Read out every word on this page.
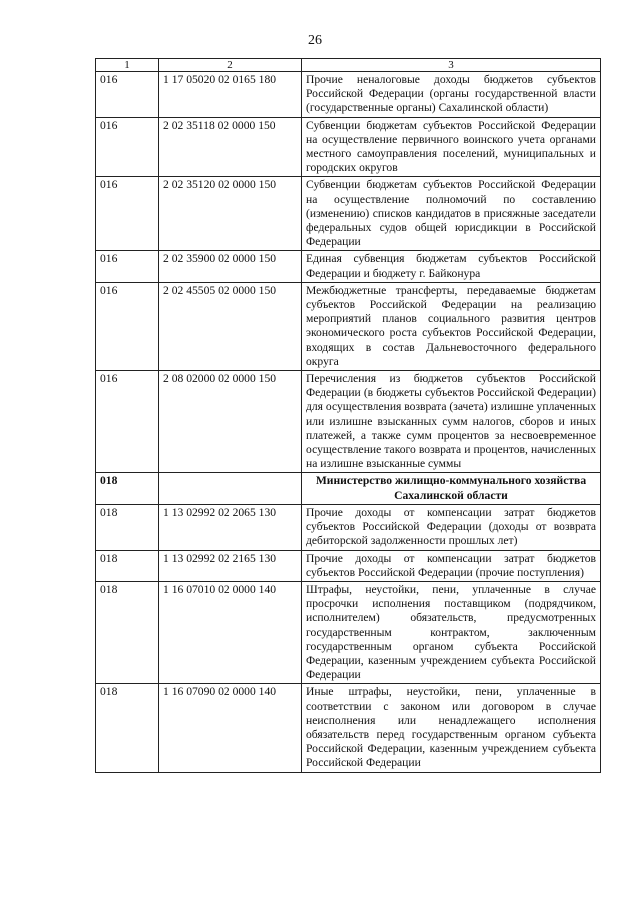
26
1	2	3
016	1 17 05020 02 0165 180	Прочие неналоговые доходы бюджетов субъектов Российской Федерации (органы государственной власти (государственные органы) Сахалинской области)
016	2 02 35118 02 0000 150	Субвенции бюджетам субъектов Российской Федерации на осуществление первичного воинского учета органами местного самоуправления поселений, муниципальных и городских округов
016	2 02 35120 02 0000 150	Субвенции бюджетам субъектов Российской Федерации на осуществление полномочий по составлению (изменению) списков кандидатов в присяжные заседатели федеральных судов общей юрисдикции в Российской Федерации
016	2 02 35900 02 0000 150	Единая субвенция бюджетам субъектов Российской Федерации и бюджету г. Байконура
016	2 02 45505 02 0000 150	Межбюджетные трансферты, передаваемые бюджетам субъектов Российской Федерации на реализацию мероприятий планов социального развития центров экономического роста субъектов Российской Федерации, входящих в состав Дальневосточного федерального округа
016	2 08 02000 02 0000 150	Перечисления из бюджетов субъектов Российской Федерации (в бюджеты субъектов Российской Федерации) для осуществления возврата (зачета) излишне уплаченных или излишне взысканных сумм налогов, сборов и иных платежей, а также сумм процентов за несвоевременное осуществление такого возврата и процентов, начисленных на излишне взысканные суммы
018		Министерство жилищно-коммунального хозяйства Сахалинской области
018	1 13 02992 02 2065 130	Прочие доходы от компенсации затрат бюджетов субъектов Российской Федерации (доходы от возврата дебиторской задолженности прошлых лет)
018	1 13 02992 02 2165 130	Прочие доходы от компенсации затрат бюджетов субъектов Российской Федерации (прочие поступления)
018	1 16 07010 02 0000 140	Штрафы, неустойки, пени, уплаченные в случае просрочки исполнения поставщиком (подрядчиком, исполнителем) обязательств, предусмотренных государственным контрактом, заключенным государственным органом субъекта Российской Федерации, казенным учреждением субъекта Российской Федерации
018	1 16 07090 02 0000 140	Иные штрафы, неустойки, пени, уплаченные в соответствии с законом или договором в случае неисполнения или ненадлежащего исполнения обязательств перед государственным органом субъекта Российской Федерации, казенным учреждением субъекта Российской Федерации
